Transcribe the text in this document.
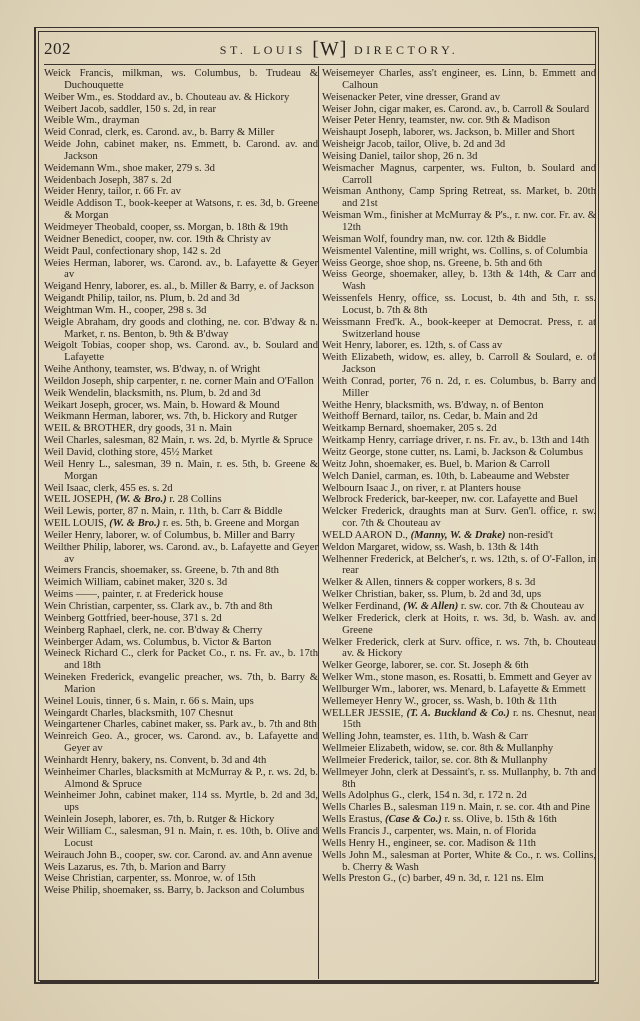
202	ST. LOUIS [W] DIRECTORY.

Weick Francis, milkman, ws. Columbus, b. Trudeau & Duchouquette

Weiber Wm., es. Stoddard av., b. Chouteau av. & Hickory

Weibert Jacob, saddler, 150 s. 2d, in rear

Weible Wm., drayman

Weid Conrad, clerk, es. Carond. av., b. Barry & Miller

Weide John, cabinet maker, ns. Emmett, b. Carond. av. and Jackson

Weidemann Wm., shoe maker, 279 s. 3d

Weidenbach Joseph, 387 s. 2d

Weider Henry, tailor, r. 66 Fr. av

Weidle Addison T., book-keeper at Watsons, r. es. 3d, b. Greene & Morgan

Weidmeyer Theobald, cooper, ss. Morgan, b. 18th & 19th

Weidner Benedict, cooper, nw. cor. 19th & Christy av

Weidt Paul, confectionary shop, 142 s. 2d

Weies Herman, laborer, ws. Carond. av., b. Lafayette & Geyer av

Weigand Henry, laborer, es. al., b. Miller & Barry, e. of Jackson

Weigandt Philip, tailor, ns. Plum, b. 2d and 3d

Weightman Wm. H., cooper, 298 s. 3d

Weigle Abraham, dry goods and clothing, ne. cor. B'dway & n. Market, r. ns. Benton, b. 9th & B'dway

Weigolt Tobias, cooper shop, ws. Carond. av., b. Soulard and Lafayette

Weihe Anthony, teamster, ws. B'dway, n. of Wright

Weildon Joseph, ship carpenter, r. ne. corner Main and O'Fallon

Weik Wendelin, blacksmith, ns. Plum, b. 2d and 3d

Weikart Joseph, grocer, ws. Main, b. Howard & Mound

Weikmann Herman, laborer, ws. 7th, b. Hickory and Rutger

WEIL & BROTHER, dry goods, 31 n. Main

Weil Charles, salesman, 82 Main, r. ws. 2d, b. Myrtle & Spruce

Weil David, clothing store, 45½ Market

Weil Henry L., salesman, 39 n. Main, r. es. 5th, b. Greene & Morgan

Weil Isaac, clerk, 455 es. s. 2d

WEIL JOSEPH, (W. & Bro.) r. 28 Collins

Weil Lewis, porter, 87 n. Main, r. 11th, b. Carr & Biddle

WEIL LOUIS, (W. & Bro.) r. es. 5th, b. Greene and Morgan

Weiler Henry, laborer, w. of Columbus, b. Miller and Barry

Weilther Philip, laborer, ws. Carond. av., b. Lafayette and Geyer av

Weimers Francis, shoemaker, ss. Greene, b. 7th and 8th

Weimich William, cabinet maker, 320 s. 3d

Weims ——, painter, r. at Frederick house

Wein Christian, carpenter, ss. Clark av., b. 7th and 8th

Weinberg Gottfried, beer-house, 371 s. 2d

Weinberg Raphael, clerk, ne. cor. B'dway & Cherry

Weinberger Adam, ws. Columbus, b. Victor & Barton

Weineck Richard C., clerk for Packet Co., r. ns. Fr. av., b. 17th and 18th

Weineken Frederick, evangelic preacher, ws. 7th, b. Barry & Marion

Weinel Louis, tinner, 6 s. Main, r. 66 s. Main, ups

Weingardt Charles, blacksmith, 107 Chesnut

Weingartener Charles, cabinet maker, ss. Park av., b. 7th and 8th

Weinreich Geo. A., grocer, ws. Carond. av., b. Lafayette and Geyer av

Weinhardt Henry, bakery, ns. Convent, b. 3d and 4th

Weinheimer Charles, blacksmith at McMurray & P., r. ws. 2d, b. Almond & Spruce

Weinheimer John, cabinet maker, 114 ss. Myrtle, b. 2d and 3d, ups

Weinlein Joseph, laborer, es. 7th, b. Rutger & Hickory

Weir William C., salesman, 91 n. Main, r. es. 10th, b. Olive and Locust

Weirauch John B., cooper, sw. cor. Carond. av. and Ann avenue

Weis Lazarus, es. 7th, b. Marion and Barry

Weise Christian, carpenter, ss. Monroe, w. of 15th

Weise Philip, shoemaker, ss. Barry, b. Jackson and Columbus

Weisemeyer Charles, ass't engineer, es. Linn, b. Emmett and Calhoun

Weisenacker Peter, vine dresser, Grand av

Weiser John, cigar maker, es. Carond. av., b. Carroll & Soulard

Weiser Peter Henry, teamster, nw. cor. 9th & Madison

Weishaupt Joseph, laborer, ws. Jackson, b. Miller and Short

Weisheigr Jacob, tailor, Olive, b. 2d and 3d

Weising Daniel, tailor shop, 26 n. 3d

Weismacher Magnus, carpenter, ws. Fulton, b. Soulard and Carroll

Weisman Anthony, Camp Spring Retreat, ss. Market, b. 20th and 21st

Weisman Wm., finisher at McMurray & P's., r. nw. cor. Fr. av. & 12th

Weisman Wolf, foundry man, nw. cor. 12th & Biddle

Weismentel Valentine, mill wright, ws. Collins, s. of Columbia

Weiss George, shoe shop, ns. Greene, b. 5th and 6th

Weiss George, shoemaker, alley, b. 13th & 14th, & Carr and Wash

Weissenfels Henry, office, ss. Locust, b. 4th and 5th, r. ss. Locust, b. 7th & 8th

Weissmann Fred'k. A., book-keeper at Democrat. Press, r. at Switzerland house

Weit Henry, laborer, es. 12th, s. of Cass av

Weith Elizabeth, widow, es. alley, b. Carroll & Soulard, e. of Jackson

Weith Conrad, porter, 76 n. 2d, r. es. Columbus, b. Barry and Miller

Weithe Henry, blacksmith, ws. B'dway, n. of Benton

Weithoff Bernard, tailor, ns. Cedar, b. Main and 2d

Weitkamp Bernard, shoemaker, 205 s. 2d

Weitkamp Henry, carriage driver, r. ns. Fr. av., b. 13th and 14th

Weitz George, stone cutter, ns. Lami, b. Jackson & Columbus

Weitz John, shoemaker, es. Buel, b. Marion & Carroll

Welch Daniel, carman, es. 10th, b. Labeaume and Webster

Welbourn Isaac J., on river, r. at Planters house

Welbrock Frederick, bar-keeper, nw. cor. Lafayette and Buel

Welcker Frederick, draughts man at Surv. Gen'l. office, r. sw. cor. 7th & Chouteau av

WELD AARON D., (Manny, W. & Drake) non-resid't

Weldon Margaret, widow, ss. Wash, b. 13th & 14th

Welhenner Frederick, at Belcher's, r. ws. 12th, s. of O'-Fallon, in rear

Welker & Allen, tinners & copper workers, 8 s. 3d

Welker Christian, baker, ss. Plum, b. 2d and 3d, ups

Welker Ferdinand, (W. & Allen) r. sw. cor. 7th & Chouteau av

Welker Frederick, clerk at Hoits, r. ws. 3d, b. Wash. av. and Greene

Welker Frederick, clerk at Surv. office, r. ws. 7th, b. Chouteau av. & Hickory

Welker George, laborer, se. cor. St. Joseph & 6th

Welker Wm., stone mason, es. Rosatti, b. Emmett and Geyer av

Wellburger Wm., laborer, ws. Menard, b. Lafayette & Emmett

Wellemeyer Henry W., grocer, ss. Wash, b. 10th & 11th

WELLER JESSIE, (T. A. Buckland & Co.) r. ns. Chesnut, near 15th

Welling John, teamster, es. 11th, b. Wash & Carr

Wellmeier Elizabeth, widow, se. cor. 8th & Mullanphy

Wellmeier Frederick, tailor, se. cor. 8th & Mullanphy

Wellmeyer John, clerk at Dessaint's, r. ss. Mullanphy, b. 7th and 8th

Wells Adolphus G., clerk, 154 n. 3d, r. 172 n. 2d

Wells Charles B., salesman 119 n. Main, r. se. cor. 4th and Pine

Wells Erastus, (Case & Co.) r. ss. Olive, b. 15th & 16th

Wells Francis J., carpenter, ws. Main, n. of Florida

Wells Henry H., engineer, se. cor. Madison & 11th

Wells John M., salesman at Porter, White & Co., r. ws. Collins, b. Cherry & Wash

Wells Preston G., (c) barber, 49 n. 3d, r. 121 ns. Elm
